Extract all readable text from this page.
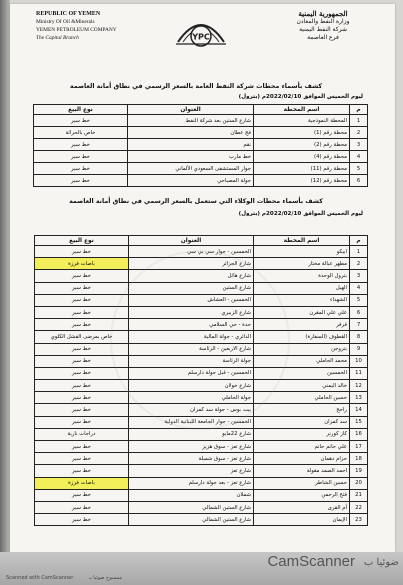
REPUBLIC OF YEMEN
Ministry Of Oil &Minerals
YEMEN PETROLEUM COMPANY
The Capital Branch
الجمهورية اليمنية
وزارة النفط والمعادن
شركة النفط اليمنية
فرع العاصمة
YPC
كشف بأسماء محطات شركة النفط العامة بالسعر الرسمي في نطاق أمانة العاصمة
ليوم الخميس الموافق 2022/02/10م (بترول)
م	اسم المحطة	العنوان	نوع البيع
1	المحطة النموذجية	شارع الستين بعد شركة النفط	خط سير
2	محطة رقم (1)	فج عطان	خاص بالحراثة
3	محطة رقم (2)	نقم	خط سير
4	محطة رقم (4)	خط مارب	خط سير
5	محطة رقم (11)	جوار المستشفى السعودي الألماني	خط سير
6	محطة رقم (12)	جولة المصباحي	خط سير
كشف بأسماء محطات الوكلاء التي ستعمل بالسعر الرسمي في نطاق أمانة العاصمة
ليوم الخميس الموافق 2022/02/10م (بترول)
م	اسم المحطة	العنوان	نوع البيع
1	ابيكو	الخمسين - جوار سي بي سي	خط سير
2	مطهر عبالة مختار	شارع الجزائر	باصات فرزة
3	بترول الوحدة	شارع هائل	خط سير
4	الهيل	شارع الستين	خط سير
5	الشهداء	الخمسين - العشاش	خط سير
6	علي علي المقرن	شارع الزبيري	خط سير
7	قرقر	حدة - حي السلامي	خط سير
8	القطوف (السفارة)	الدائري - جولة المالية	خاص بمرضى الفشل الكلوي
9	بتروجن	شارع الاربعين - الرئاسة	خط سير
10	محمد الحاملي	جولة الرئاسة	خط سير
11	الخمسين	الخمسين - قبل جولة دارسلم	خط سير
12	خالد اليمني	شارع خولان	خط سير
13	حسين الحاملي	جولة الحاملي	خط سير
14	راحج	بيت بوس - جولة سد كمران	خط سير
15	سد كمران	الخمسين - جوار الجامعة اللبنانية الدولية	خط سير
16	كاز كورنر	شارع 22مايو	دراجات نارية
17	علي حاتم حاتم	شارع تعز - سوق هزيز	خط سير
18	حزام دهمان	شارع تعز - سوق شميلة	خط سير
19	احمد الصمد مقولة	شارع تعز	خط سير
20	حسين الشاطر	شارع تعز - بعد جولة دارسلم	باصات فرزة
21	فتح الرحمن	شملان	خط سير
22	أم القرى	شارع الستين الشمالي	خط سير
23	الإيمان	شارع الستين الشمالي	خط سير
CamScanner ضوئيا ب
Scanned with CamScanner	ممسوح ضوئيا بـ
